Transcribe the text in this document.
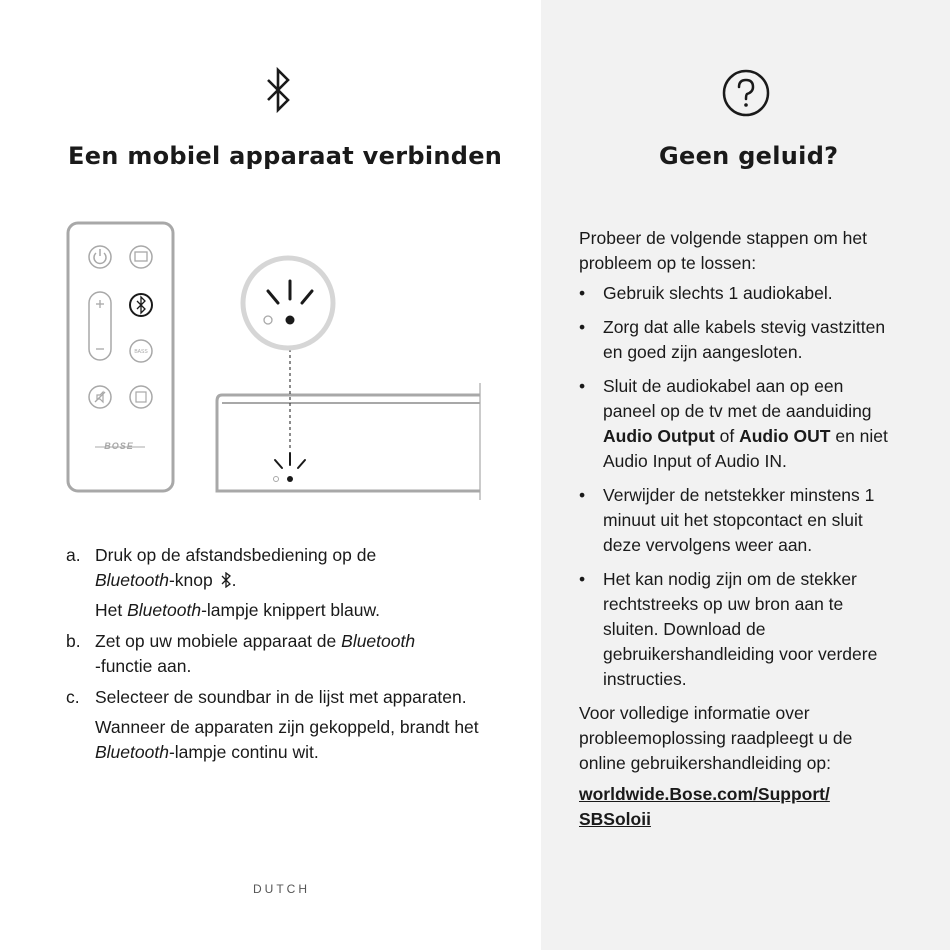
Een mobiel apparaat verbinden
BASS
BOSE
a. Druk op de afstandsbediening op de
Bluetooth-knop .
Het Bluetooth-lampje knippert blauw.
b. Zet op uw mobiele apparaat de Bluetooth
-functie aan.
c. Selecteer de soundbar in de lijst met apparaten.
Wanneer de apparaten zijn gekoppeld, brandt het Bluetooth-lampje continu wit.
DUTCH
Geen geluid?

Probeer de volgende stappen om het probleem op te lossen:

• Gebruik slechts 1 audiokabel.
• Zorg dat alle kabels stevig vastzitten en goed zijn aangesloten.
• Sluit de audiokabel aan op een paneel op de tv met de aanduiding Audio Output of Audio OUT en niet Audio Input of Audio IN.
• Verwijder de netstekker minstens 1 minuut uit het stopcontact en sluit deze vervolgens weer aan.
• Het kan nodig zijn om de stekker rechtstreeks op uw bron aan te sluiten. Download de gebruikershandleiding voor verdere instructies.

Voor volledige informatie over probleemoplossing raadpleegt u de online gebruikershandleiding op:

worldwide.Bose.com/Support/
SBSoloii
